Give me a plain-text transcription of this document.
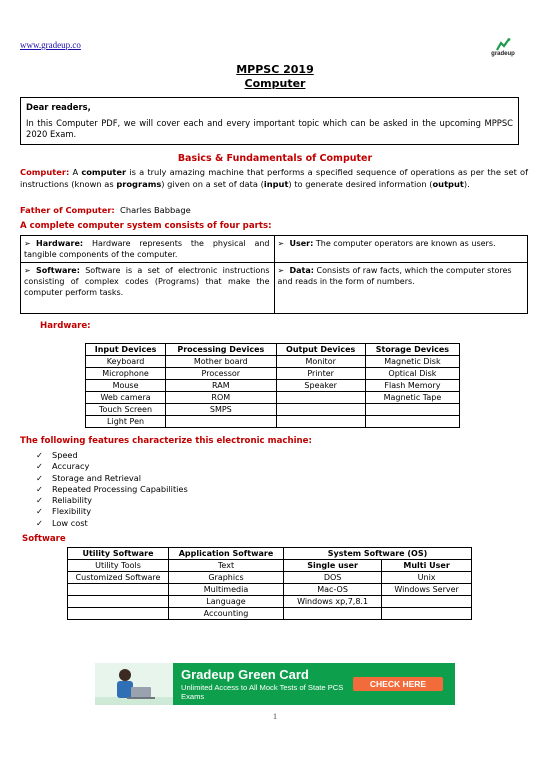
www.gradeup.co
gradeup
MPPSC 2019
Computer

Dear readers,

In this Computer PDF, we will cover each and every important topic which can be asked in the upcoming MPPSC 2020 Exam.

Basics & Fundamentals of Computer
Computer: A computer is a truly amazing machine that performs a specified sequence of operations as per the set of instructions (known as programs) given on a set of data (input) to generate desired information (output).
Father of Computer: Charles Babbage
A complete computer system consists of four parts:
➢ Hardware: Hardware represents the physical and tangible components of the computer.	➢ User: The computer operators are known as users.
➢ Software: Software is a set of electronic instructions consisting of complex codes (Programs) that make the computer perform tasks.	➢ Data: Consists of raw facts, which the computer stores and reads in the form of numbers.
Hardware:
Input Devices	Processing Devices	Output Devices	Storage Devices
Keyboard	Mother board	Monitor	Magnetic Disk
Microphone	Processor	Printer	Optical Disk
Mouse	RAM	Speaker	Flash Memory
Web camera	ROM		Magnetic Tape
Touch Screen	SMPS		
Light Pen			
The following features characterize this electronic machine:
✓ Speed
✓ Accuracy
✓ Storage and Retrieval
✓ Repeated Processing Capabilities
✓ Reliability
✓ Flexibility
✓ Low cost
Software
Utility Software	Application Software	System Software (OS)	
Utility Tools	Text	Single user	Multi User
Customized Software	Graphics	DOS	Unix
	Multimedia	Mac-OS	Windows Server
	Language	Windows xp,7,8.1	
	Accounting		
Gradeup Green Card
Unlimited Access to All Mock Tests of State PCS Exams
CHECK HERE
1
